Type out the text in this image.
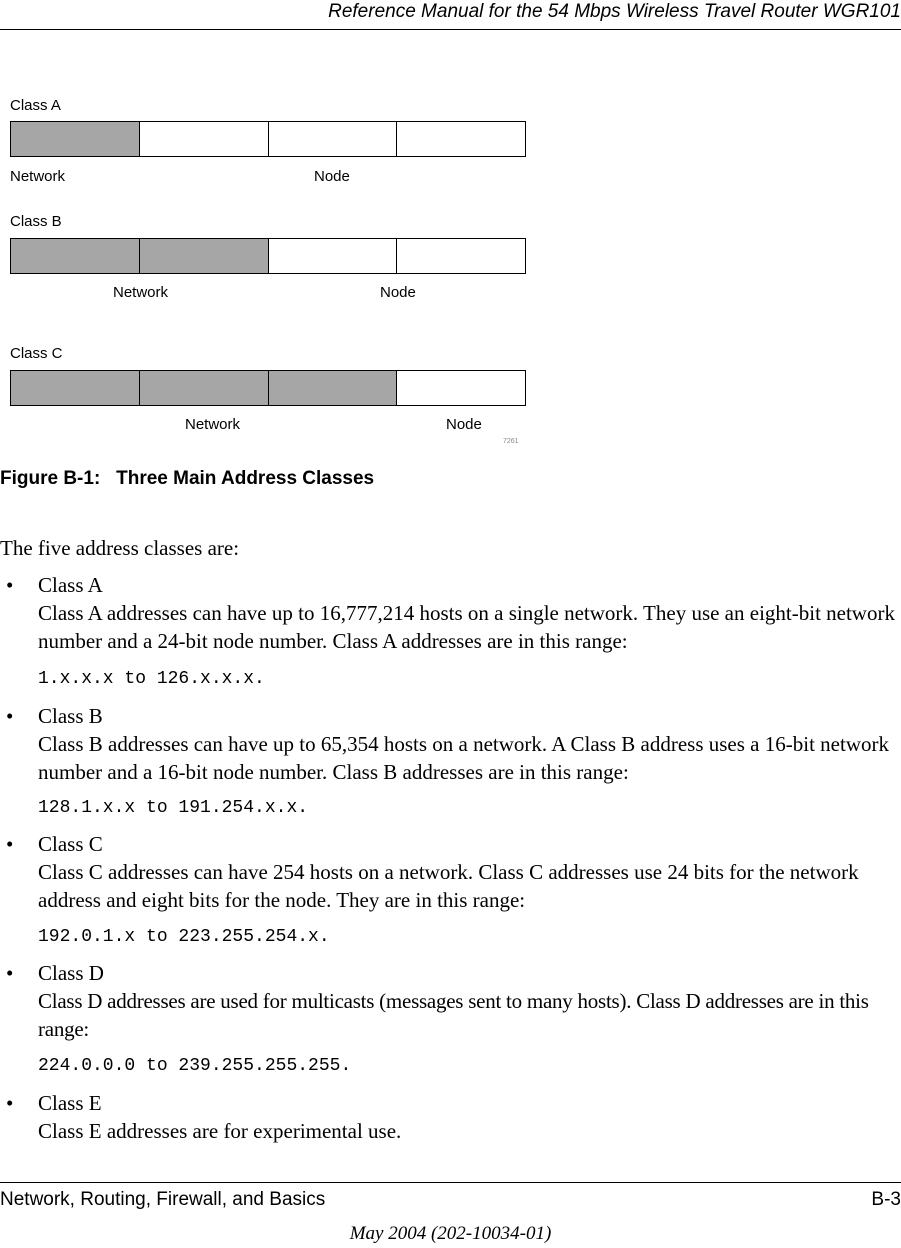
Reference Manual for the 54 Mbps Wireless Travel Router WGR101
Class A
Network	Node
Class B
Network	Node
Class C
Network	Node
7261
Figure B-1:   Three Main Address Classes
The five address classes are:
• Class A
Class A addresses can have up to 16,777,214 hosts on a single network. They use an eight-bit network number and a 24-bit node number. Class A addresses are in this range:
1.x.x.x to 126.x.x.x.
• Class B
Class B addresses can have up to 65,354 hosts on a network. A Class B address uses a 16-bit network number and a 16-bit node number. Class B addresses are in this range:
128.1.x.x to 191.254.x.x.
• Class C
Class C addresses can have 254 hosts on a network. Class C addresses use 24 bits for the network address and eight bits for the node. They are in this range:
192.0.1.x to 223.255.254.x.
• Class D
Class D addresses are used for multicasts (messages sent to many hosts). Class D addresses are in this range:
224.0.0.0 to 239.255.255.255.
• Class E
Class E addresses are for experimental use.
Network, Routing, Firewall, and Basics	B-3
May 2004 (202-10034-01)
